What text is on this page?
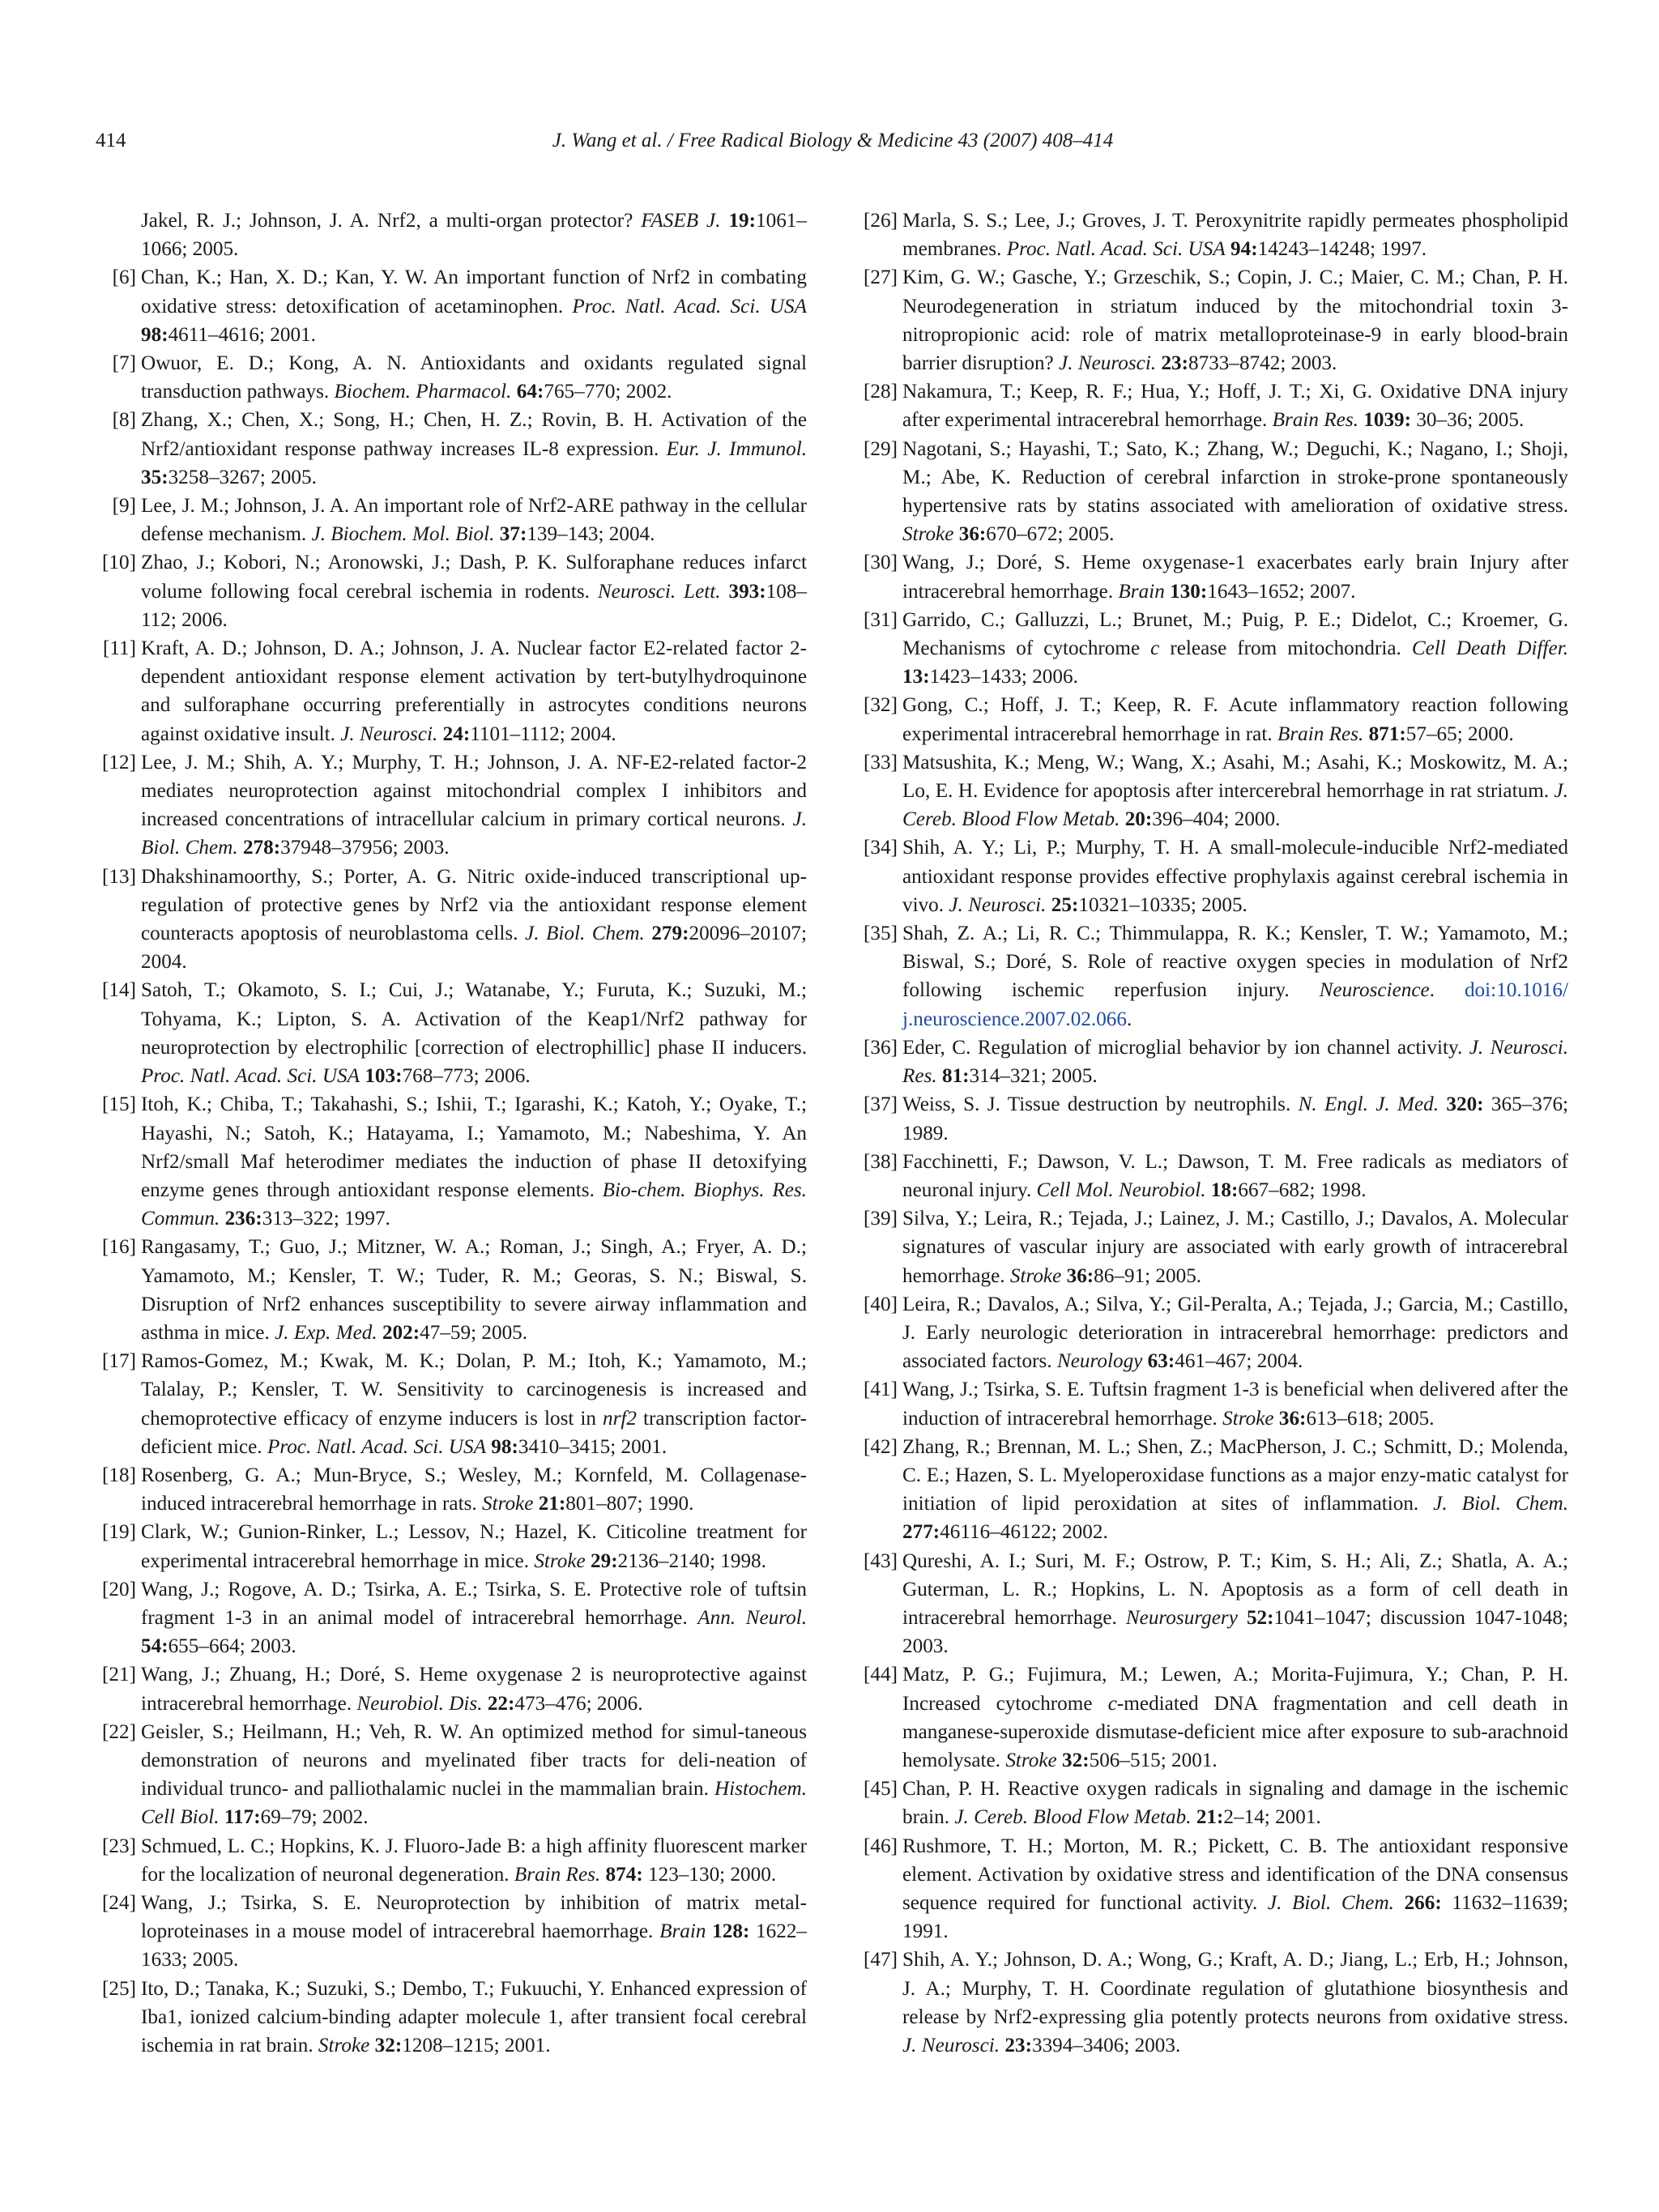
414	J. Wang et al. / Free Radical Biology & Medicine 43 (2007) 408–414

Jakel, R. J.; Johnson, J. A. Nrf2, a multi-organ protector? FASEB J. 19:1061–1066; 2005.

[6] Chan, K.; Han, X. D.; Kan, Y. W. An important function of Nrf2 in combating oxidative stress: detoxification of acetaminophen. Proc. Natl. Acad. Sci. USA 98:4611–4616; 2001.

[7] Owuor, E. D.; Kong, A. N. Antioxidants and oxidants regulated signal transduction pathways. Biochem. Pharmacol. 64:765–770; 2002.

[8] Zhang, X.; Chen, X.; Song, H.; Chen, H. Z.; Rovin, B. H. Activation of the Nrf2/antioxidant response pathway increases IL-8 expression. Eur. J. Immunol. 35:3258–3267; 2005.

[9] Lee, J. M.; Johnson, J. A. An important role of Nrf2-ARE pathway in the cellular defense mechanism. J. Biochem. Mol. Biol. 37:139–143; 2004.

[10] Zhao, J.; Kobori, N.; Aronowski, J.; Dash, P. K. Sulforaphane reduces infarct volume following focal cerebral ischemia in rodents. Neurosci. Lett. 393:108–112; 2006.

[11] Kraft, A. D.; Johnson, D. A.; Johnson, J. A. Nuclear factor E2-related factor 2-dependent antioxidant response element activation by tert-butylhydroquinone and sulforaphane occurring preferentially in astrocytes conditions neurons against oxidative insult. J. Neurosci. 24:1101–1112; 2004.

[12] Lee, J. M.; Shih, A. Y.; Murphy, T. H.; Johnson, J. A. NF-E2-related factor-2 mediates neuroprotection against mitochondrial complex I inhibitors and increased concentrations of intracellular calcium in primary cortical neurons. J. Biol. Chem. 278:37948–37956; 2003.

[13] Dhakshinamoorthy, S.; Porter, A. G. Nitric oxide-induced transcriptional up-regulation of protective genes by Nrf2 via the antioxidant response element counteracts apoptosis of neuroblastoma cells. J. Biol. Chem. 279:20096–20107; 2004.

[14] Satoh, T.; Okamoto, S. I.; Cui, J.; Watanabe, Y.; Furuta, K.; Suzuki, M.; Tohyama, K.; Lipton, S. A. Activation of the Keap1/Nrf2 pathway for neuroprotection by electrophilic [correction of electrophillic] phase II inducers. Proc. Natl. Acad. Sci. USA 103:768–773; 2006.

[15] Itoh, K.; Chiba, T.; Takahashi, S.; Ishii, T.; Igarashi, K.; Katoh, Y.; Oyake, T.; Hayashi, N.; Satoh, K.; Hatayama, I.; Yamamoto, M.; Nabeshima, Y. An Nrf2/small Maf heterodimer mediates the induction of phase II detoxifying enzyme genes through antioxidant response elements. Bio-chem. Biophys. Res. Commun. 236:313–322; 1997.

[16] Rangasamy, T.; Guo, J.; Mitzner, W. A.; Roman, J.; Singh, A.; Fryer, A. D.; Yamamoto, M.; Kensler, T. W.; Tuder, R. M.; Georas, S. N.; Biswal, S. Disruption of Nrf2 enhances susceptibility to severe airway inflammation and asthma in mice. J. Exp. Med. 202:47–59; 2005.

[17] Ramos-Gomez, M.; Kwak, M. K.; Dolan, P. M.; Itoh, K.; Yamamoto, M.; Talalay, P.; Kensler, T. W. Sensitivity to carcinogenesis is increased and chemoprotective efficacy of enzyme inducers is lost in nrf2 transcription factor-deficient mice. Proc. Natl. Acad. Sci. USA 98:3410–3415; 2001.

[18] Rosenberg, G. A.; Mun-Bryce, S.; Wesley, M.; Kornfeld, M. Collagenase-induced intracerebral hemorrhage in rats. Stroke 21:801–807; 1990.

[19] Clark, W.; Gunion-Rinker, L.; Lessov, N.; Hazel, K. Citicoline treatment for experimental intracerebral hemorrhage in mice. Stroke 29:2136–2140; 1998.

[20] Wang, J.; Rogove, A. D.; Tsirka, A. E.; Tsirka, S. E. Protective role of tuftsin fragment 1-3 in an animal model of intracerebral hemorrhage. Ann. Neurol. 54:655–664; 2003.

[21] Wang, J.; Zhuang, H.; Doré, S. Heme oxygenase 2 is neuroprotective against intracerebral hemorrhage. Neurobiol. Dis. 22:473–476; 2006.

[22] Geisler, S.; Heilmann, H.; Veh, R. W. An optimized method for simul-taneous demonstration of neurons and myelinated fiber tracts for deli-neation of individual trunco- and palliothalamic nuclei in the mammalian brain. Histochem. Cell Biol. 117:69–79; 2002.

[23] Schmued, L. C.; Hopkins, K. J. Fluoro-Jade B: a high affinity fluorescent marker for the localization of neuronal degeneration. Brain Res. 874: 123–130; 2000.

[24] Wang, J.; Tsirka, S. E. Neuroprotection by inhibition of matrix metal-loproteinases in a mouse model of intracerebral haemorrhage. Brain 128: 1622–1633; 2005.

[25] Ito, D.; Tanaka, K.; Suzuki, S.; Dembo, T.; Fukuuchi, Y. Enhanced expression of Iba1, ionized calcium-binding adapter molecule 1, after transient focal cerebral ischemia in rat brain. Stroke 32:1208–1215; 2001.

[26] Marla, S. S.; Lee, J.; Groves, J. T. Peroxynitrite rapidly permeates phospholipid membranes. Proc. Natl. Acad. Sci. USA 94:14243–14248; 1997.

[27] Kim, G. W.; Gasche, Y.; Grzeschik, S.; Copin, J. C.; Maier, C. M.; Chan, P. H. Neurodegeneration in striatum induced by the mitochondrial toxin 3-nitropropionic acid: role of matrix metalloproteinase-9 in early blood-brain barrier disruption? J. Neurosci. 23:8733–8742; 2003.

[28] Nakamura, T.; Keep, R. F.; Hua, Y.; Hoff, J. T.; Xi, G. Oxidative DNA injury after experimental intracerebral hemorrhage. Brain Res. 1039: 30–36; 2005.

[29] Nagotani, S.; Hayashi, T.; Sato, K.; Zhang, W.; Deguchi, K.; Nagano, I.; Shoji, M.; Abe, K. Reduction of cerebral infarction in stroke-prone spontaneously hypertensive rats by statins associated with amelioration of oxidative stress. Stroke 36:670–672; 2005.

[30] Wang, J.; Doré, S. Heme oxygenase-1 exacerbates early brain Injury after intracerebral hemorrhage. Brain 130:1643–1652; 2007.

[31] Garrido, C.; Galluzzi, L.; Brunet, M.; Puig, P. E.; Didelot, C.; Kroemer, G. Mechanisms of cytochrome c release from mitochondria. Cell Death Differ. 13:1423–1433; 2006.

[32] Gong, C.; Hoff, J. T.; Keep, R. F. Acute inflammatory reaction following experimental intracerebral hemorrhage in rat. Brain Res. 871:57–65; 2000.

[33] Matsushita, K.; Meng, W.; Wang, X.; Asahi, M.; Asahi, K.; Moskowitz, M. A.; Lo, E. H. Evidence for apoptosis after intercerebral hemorrhage in rat striatum. J. Cereb. Blood Flow Metab. 20:396–404; 2000.

[34] Shih, A. Y.; Li, P.; Murphy, T. H. A small-molecule-inducible Nrf2-mediated antioxidant response provides effective prophylaxis against cerebral ischemia in vivo. J. Neurosci. 25:10321–10335; 2005.

[35] Shah, Z. A.; Li, R. C.; Thimmulappa, R. K.; Kensler, T. W.; Yamamoto, M.; Biswal, S.; Doré, S. Role of reactive oxygen species in modulation of Nrf2 following ischemic reperfusion injury. Neuroscience. doi:10.1016/ j.neuroscience.2007.02.066.

[36] Eder, C. Regulation of microglial behavior by ion channel activity. J. Neurosci. Res. 81:314–321; 2005.

[37] Weiss, S. J. Tissue destruction by neutrophils. N. Engl. J. Med. 320: 365–376; 1989.

[38] Facchinetti, F.; Dawson, V. L.; Dawson, T. M. Free radicals as mediators of neuronal injury. Cell Mol. Neurobiol. 18:667–682; 1998.

[39] Silva, Y.; Leira, R.; Tejada, J.; Lainez, J. M.; Castillo, J.; Davalos, A. Molecular signatures of vascular injury are associated with early growth of intracerebral hemorrhage. Stroke 36:86–91; 2005.

[40] Leira, R.; Davalos, A.; Silva, Y.; Gil-Peralta, A.; Tejada, J.; Garcia, M.; Castillo, J. Early neurologic deterioration in intracerebral hemorrhage: predictors and associated factors. Neurology 63:461–467; 2004.

[41] Wang, J.; Tsirka, S. E. Tuftsin fragment 1-3 is beneficial when delivered after the induction of intracerebral hemorrhage. Stroke 36:613–618; 2005.

[42] Zhang, R.; Brennan, M. L.; Shen, Z.; MacPherson, J. C.; Schmitt, D.; Molenda, C. E.; Hazen, S. L. Myeloperoxidase functions as a major enzy-matic catalyst for initiation of lipid peroxidation at sites of inflammation. J. Biol. Chem. 277:46116–46122; 2002.

[43] Qureshi, A. I.; Suri, M. F.; Ostrow, P. T.; Kim, S. H.; Ali, Z.; Shatla, A. A.; Guterman, L. R.; Hopkins, L. N. Apoptosis as a form of cell death in intracerebral hemorrhage. Neurosurgery 52:1041–1047; discussion 1047-1048; 2003.

[44] Matz, P. G.; Fujimura, M.; Lewen, A.; Morita-Fujimura, Y.; Chan, P. H. Increased cytochrome c-mediated DNA fragmentation and cell death in manganese-superoxide dismutase-deficient mice after exposure to sub-arachnoid hemolysate. Stroke 32:506–515; 2001.

[45] Chan, P. H. Reactive oxygen radicals in signaling and damage in the ischemic brain. J. Cereb. Blood Flow Metab. 21:2–14; 2001.

[46] Rushmore, T. H.; Morton, M. R.; Pickett, C. B. The antioxidant responsive element. Activation by oxidative stress and identification of the DNA consensus sequence required for functional activity. J. Biol. Chem. 266: 11632–11639; 1991.

[47] Shih, A. Y.; Johnson, D. A.; Wong, G.; Kraft, A. D.; Jiang, L.; Erb, H.; Johnson, J. A.; Murphy, T. H. Coordinate regulation of glutathione biosynthesis and release by Nrf2-expressing glia potently protects neurons from oxidative stress. J. Neurosci. 23:3394–3406; 2003.
